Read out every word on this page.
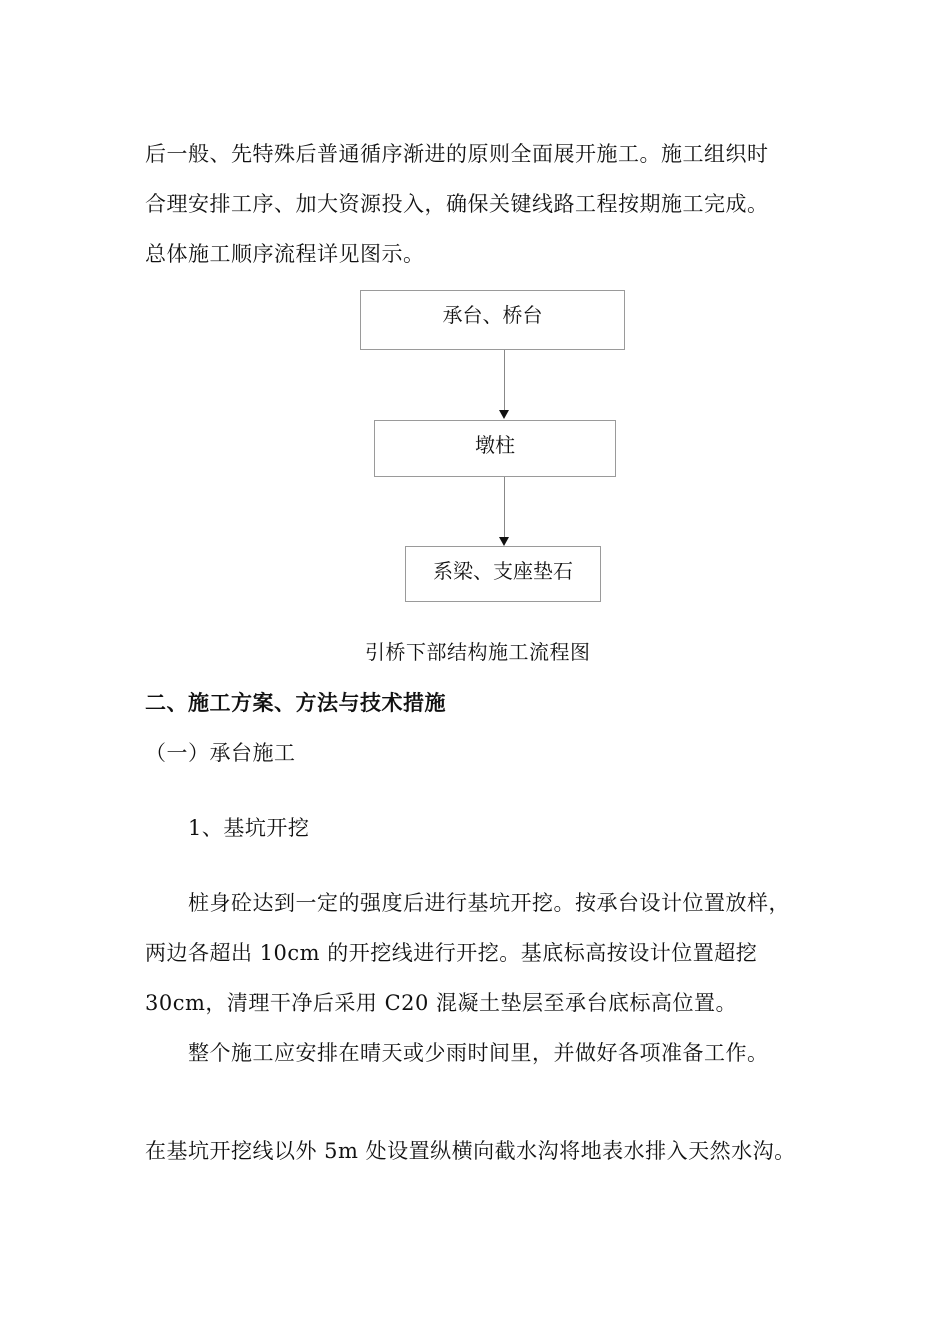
后一般、先特殊后普通循序渐进的原则全面展开施工。施工组织时
合理安排工序、加大资源投入，确保关键线路工程按期施工完成。
总体施工顺序流程详见图示。
承台、桥台
墩柱
系梁、支座垫石
引桥下部结构施工流程图
二、施工方案、方法与技术措施
（一）承台施工
1、基坑开挖
桩身砼达到一定的强度后进行基坑开挖。按承台设计位置放样，
两边各超出 10cm 的开挖线进行开挖。基底标高按设计位置超挖
30cm，清理干净后采用 C20 混凝土垫层至承台底标高位置。
整个施工应安排在晴天或少雨时间里，并做好各项准备工作。
在基坑开挖线以外 5m 处设置纵横向截水沟将地表水排入天然水沟。
